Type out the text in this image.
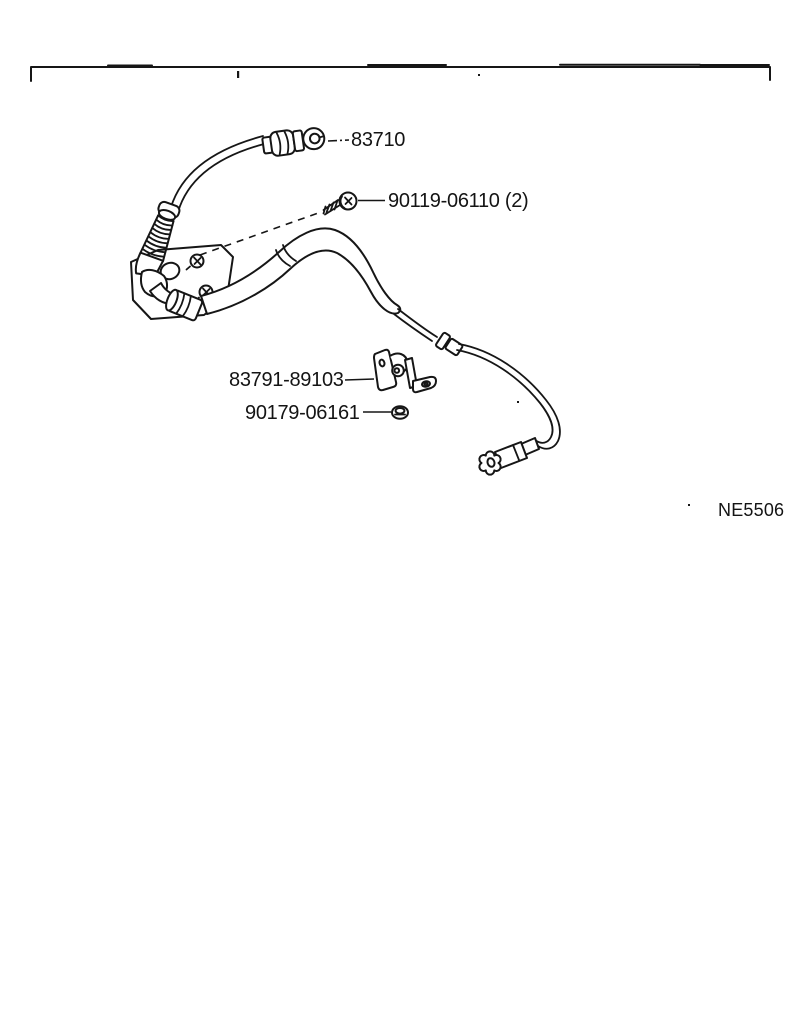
83710
90119-06110 (2)
83791-89103
90179-06161
NE5506
